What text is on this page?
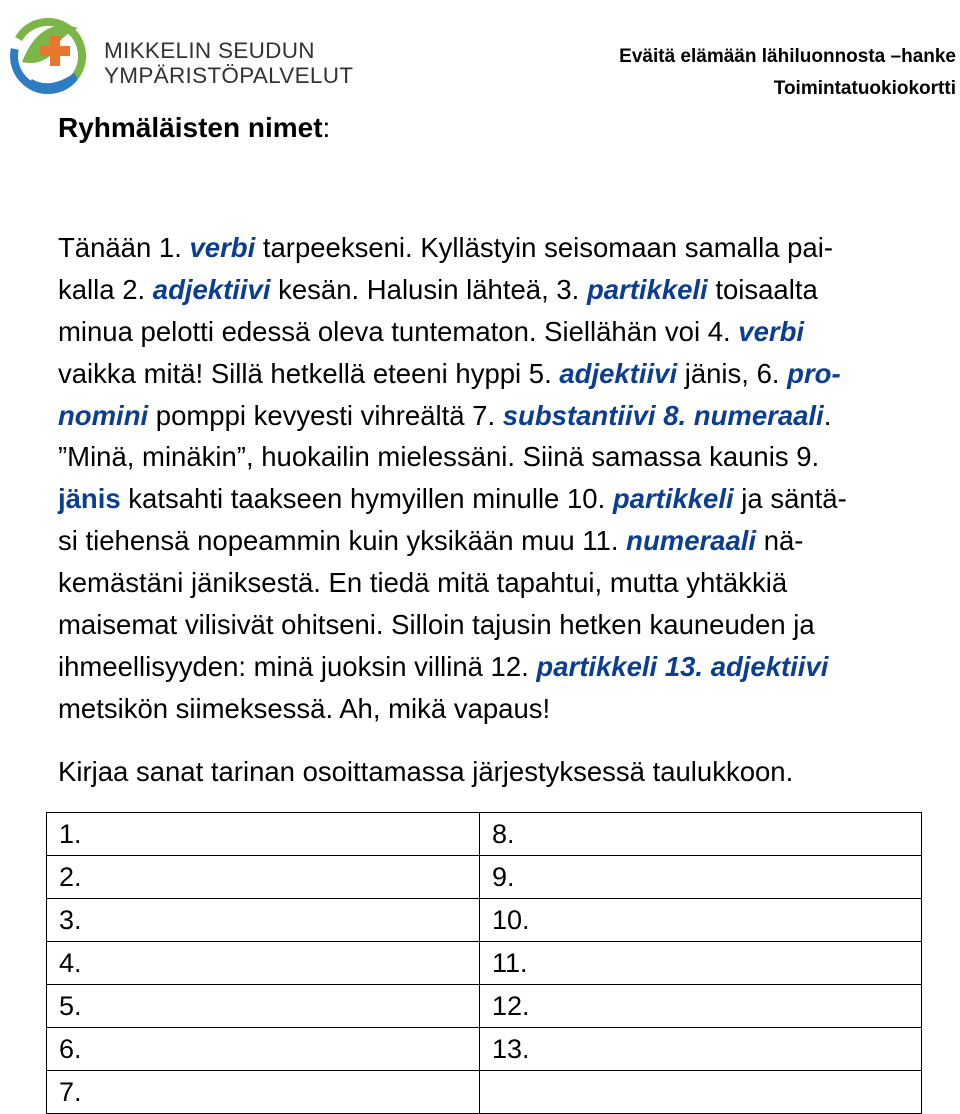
MIKKELIN SEUDUN
YMPÄRISTÖPALVELUT
Eväitä elämään lähiluonnosta –hanke
Toimintatuokiokortti
Ryhmäläisten nimet:
Tänään 1. verbi tarpeekseni. Kyllästyin seisomaan samalla pai-
kalla 2. adjektiivi kesän. Halusin lähteä, 3. partikkeli toisaalta
minua pelotti edessä oleva tuntematon. Siellähän voi 4. verbi
vaikka mitä! Sillä hetkellä eteeni hyppi 5. adjektiivi jänis, 6. pro-
nomini pomppi kevyesti vihreältä 7. substantiivi 8. numeraali.
”Minä, minäkin”, huokailin mielessäni. Siinä samassa kaunis 9.
jänis katsahti taakseen hymyillen minulle 10. partikkeli ja säntä-
si tiehensä nopeammin kuin yksikään muu 11. numeraali nä-
kemästäni jäniksestä. En tiedä mitä tapahtui, mutta yhtäkkiä
maisemat vilisivät ohitseni. Silloin tajusin hetken kauneuden ja
ihmeellisyyden: minä juoksin villinä 12. partikkeli 13. adjektiivi
metsikön siimeksessä. Ah, mikä vapaus!
Kirjaa sanat tarinan osoittamassa järjestyksessä taulukkoon.
1.	8.
2.	9.
3.	10.
4.	11.
5.	12.
6.	13.
7.	
